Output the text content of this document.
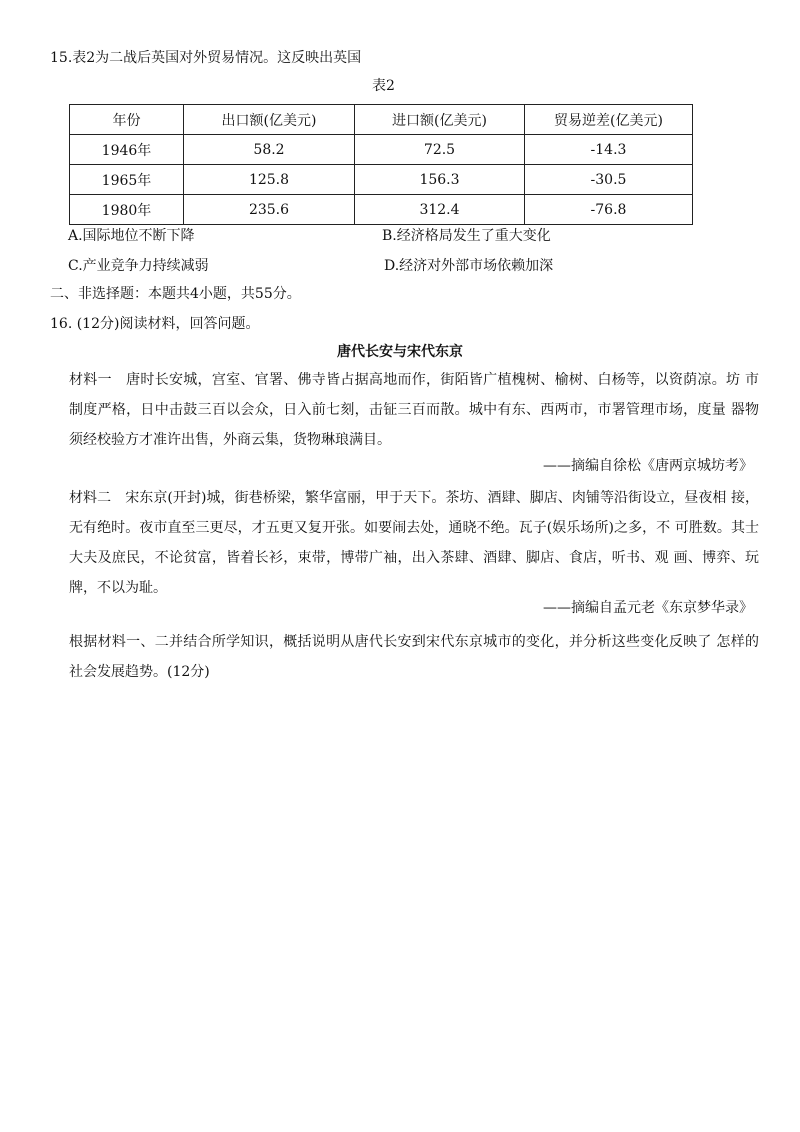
15.表2为二战后英国对外贸易情况。这反映出英国
表2
年份	出口额(亿美元)	进口额(亿美元)	贸易逆差(亿美元)
1946年	58.2	72.5	-14.3
1965年	125.8	156.3	-30.5
1980年	235.6	312.4	-76.8
A.国际地位不断下降	B.经济格局发生了重大变化
C.产业竞争力持续减弱	D.经济对外部市场依赖加深
二、非选择题：本题共4小题，共55分。
16. (12分)阅读材料，回答问题。
唐代长安与宋代东京
材料一　唐时长安城，宫室、官署、佛寺皆占据高地而作，街陌皆广植槐树、榆树、白杨等，以资荫凉。坊 市制度严格，日中击鼓三百以会众，日入前七刻，击钲三百而散。城中有东、西两市，市署管理市场，度量 器物须经校验方才准许出售，外商云集，货物琳琅满目。
——摘编自徐松《唐两京城坊考》
材料二　宋东京(开封)城，街巷桥梁，繁华富丽，甲于天下。茶坊、酒肆、脚店、肉铺等沿街设立，昼夜相 接，无有绝时。夜市直至三更尽，才五更又复开张。如要闹去处，通晓不绝。瓦子(娱乐场所)之多，不 可胜数。其士大夫及庶民，不论贫富，皆着长衫，束带，博带广袖，出入茶肆、酒肆、脚店、食店，听书、观 画、博弈、玩牌，不以为耻。
——摘编自孟元老《东京梦华录》
根据材料一、二并结合所学知识，概括说明从唐代长安到宋代东京城市的变化，并分析这些变化反映了 怎样的社会发展趋势。(12分)
